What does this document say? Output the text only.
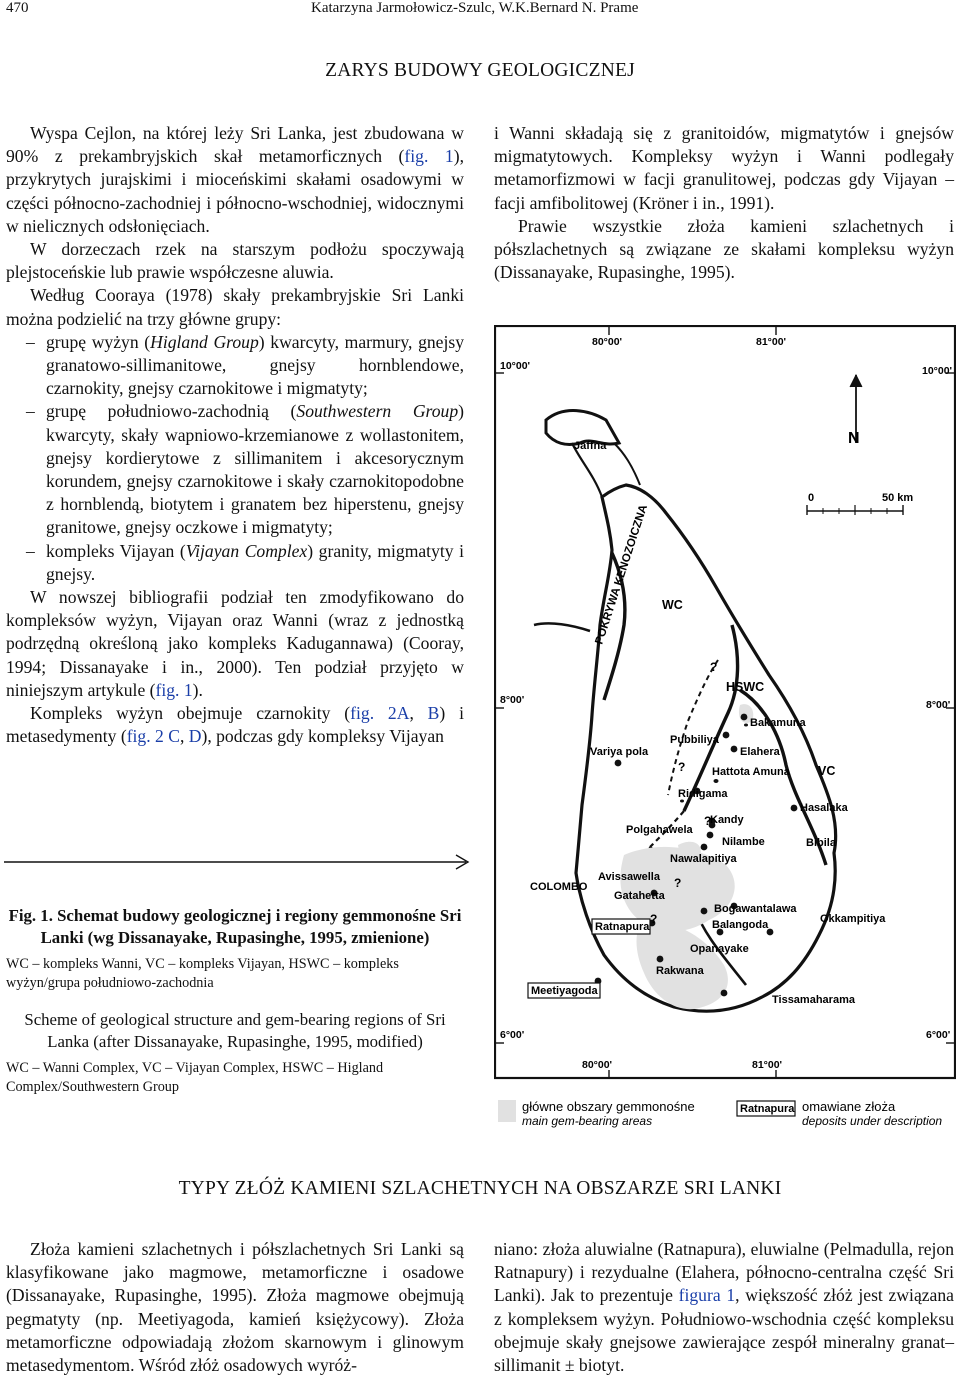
470	Katarzyna Jarmołowicz-Szulc, W.K.Bernard N. Prame
ZARYS BUDOWY GEOLOGICZNEJ

Wyspa Cejlon, na której leży Sri Lanka, jest zbudowana w 90% z prekambryjskich skał metamorficznych (fig. 1), przykrytych jurajskimi i mioceńskimi skałami osadowymi w części północno-zachodniej i północno-wschodniej, widocznymi w nielicznych odsłonięciach.

W dorzeczach rzek na starszym podłożu spoczywają plejstoceńskie lub prawie współczesne aluwia.

Według Cooraya (1978) skały prekambryjskie Sri Lanki można podzielić na trzy główne grupy:

– grupę wyżyn (Higland Group) kwarcyty, marmury, gnejsy granatowo-sillimanitowe, gnejsy hornblendowe, czarnokity, gnejsy czarnokitowe i migmatyty;

– grupę południowo-zachodnią (Southwestern Group) kwarcyty, skały wapniowo-krzemianowe z wollastonitem, gnejsy kordierytowe z sillimanitem i akcesorycznym korundem, gnejsy czarnokitowe i skały czarnokitopodobne z hornblendą, biotytem i granatem bez hiperstenu, gnejsy granitowe, gnejsy oczkowe i migmatyty;

– kompleks Vijayan (Vijayan Complex) granity, migmatyty i gnejsy.

W nowszej bibliografii podział ten zmodyfikowano do kompleksów wyżyn, Vijayan oraz Wanni (wraz z jednostką podrzędną określoną jako kompleks Kadugannawa) (Cooray, 1994; Dissanayake i in., 2000). Ten podział przyjęto w niniejszym artykule (fig. 1).

Kompleks wyżyn obejmuje czarnokity (fig. 2A, B) i metasedymenty (fig. 2 C, D), podczas gdy kompleksy Vijayan

i Wanni składają się z granitoidów, migmatytów i gnejsów migmatytowych. Kompleksy wyżyn i Wanni podlegały metamorfizmowi w facji granulitowej, podczas gdy Vijayan – facji amfibolitowej (Kröner i in., 1991).

Prawie wszystkie złoża kamieni szlachetnych i półszlachetnych są związane ze skałami kompleksu wyżyn (Dissanayake, Rupasinghe, 1995).

Fig. 1. Schemat budowy geologicznej i regiony gemmonośne Sri Lanki (wg Dissanayake, Rupasinghe, 1995, zmienione)

WC – kompleks Wanni, VC – kompleks Vijayan, HSWC – kompleks wyżyn/grupa południowo-zachodnia

Scheme of geological structure and gem-bearing regions of Sri Lanka (after Dissanayake, Rupasinghe, 1995, modified)

WC – Wanni Complex, VC – Vijayan Complex, HSWC – Higland Complex/Southwestern Group

80°00'	81°00'
10°00'	10°00'
8°00'	8°00'
6°00'	6°00'
80°00'	81°00'
N
0	50 km
POKRYWA KENOZOICZNA WC
HSWC
VC
?
?
?
?
?
Jaffna
Bakamuna
Pubbiliya
Elahera
Variya pola
Hattota Amuna
Ridigama
Hasalaka
Kandy
Polgahawela
Nilambe	Bibila
Nawalapitiya
Avissawella
COLOMBO
Gatahetta
Bogawantalawa
Okkampitiya
Balangoda
Opanayake
Rakwana
Tissamaharama
Ratnapura
Meetiyagoda
główne obszary gemmonośne
main gem-bearing areas
Ratnapura omawiane złoża
deposits under description
TYPY ZŁÓŻ KAMIENI SZLACHETNYCH NA OBSZARZE SRI LANKI

Złoża kamieni szlachetnych i półszlachetnych Sri Lanki są klasyfikowane jako magmowe, metamorficzne i osadowe (Dissanayake, Rupasinghe, 1995). Złoża magmowe obejmują pegmatyty (np. Meetiyagoda, kamień księżycowy). Złoża metamorficzne odpowiadają złożom skarnowym i glinowym metasedymentom. Wśród złóż osadowych wyróż-

niano: złoża aluwialne (Ratnapura), eluwialne (Pelmadulla, rejon Ratnapury) i rezydualne (Elahera, północno-centralna część Sri Lanki). Jak to prezentuje figura 1, większość złóż jest związana z kompleksem wyżyn. Południowo-wschodnia część kompleksu obejmuje skały gnejsowe zawierające zespół mineralny granat–sillimanit ± biotyt.
